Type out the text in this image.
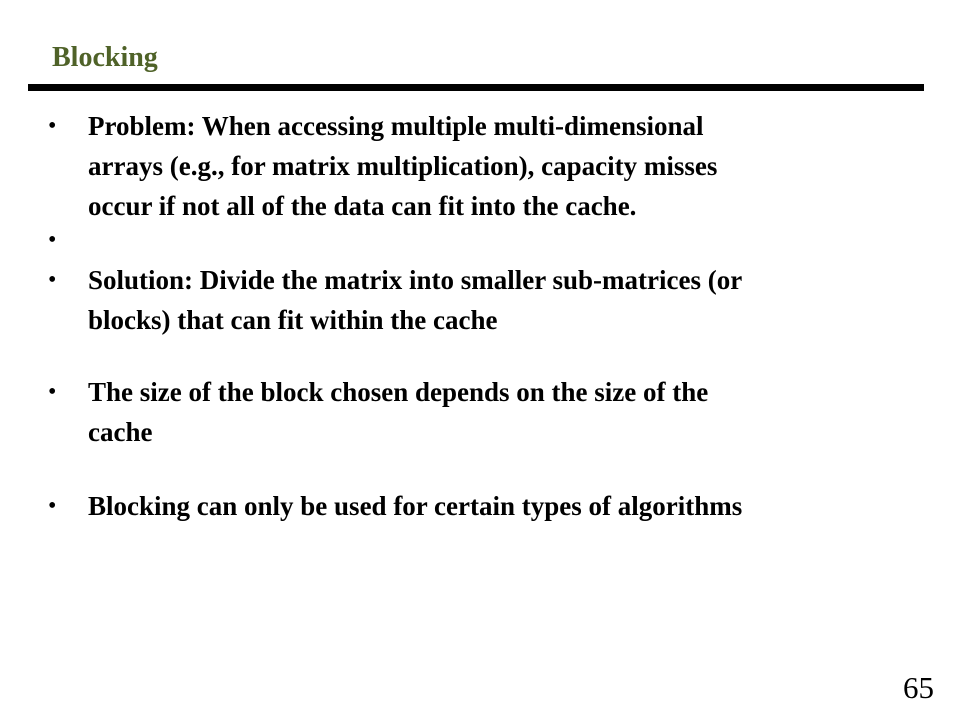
Blocking
• Problem: When accessing multiple multi-dimensional
arrays (e.g., for matrix multiplication), capacity misses
occur if not all of the data can fit into the cache.
•
• Solution: Divide the matrix into smaller sub-matrices (or
blocks) that can fit within the cache
• The size of the block chosen depends on the size of the
cache
• Blocking can only be used for certain types of algorithms
65
